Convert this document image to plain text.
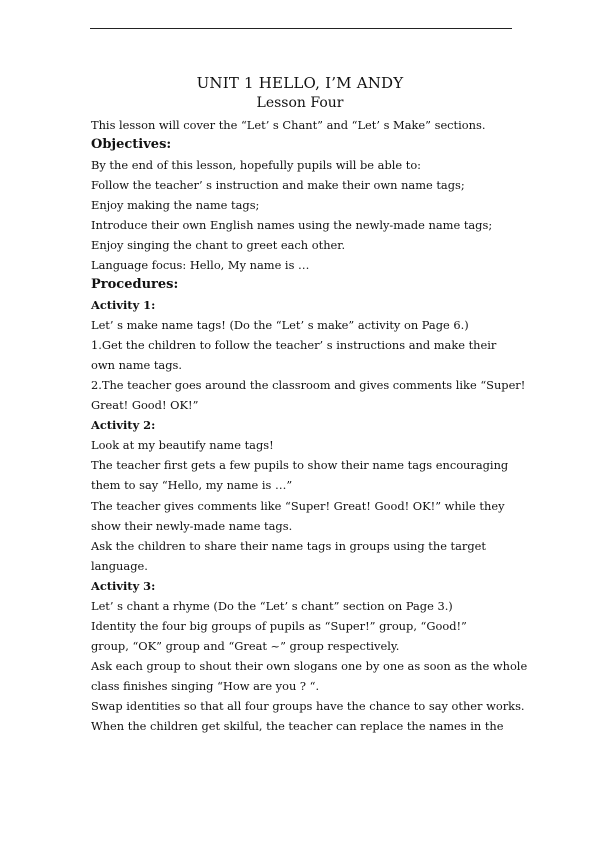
UNIT 1 HELLO, I’M ANDY
Lesson Four
This lesson will cover the “Let’ s Chant” and “Let’ s Make” sections.
Objectives:
By the end of this lesson, hopefully pupils will be able to:
Follow the teacher’ s instruction and make their own name tags;
Enjoy making the name tags;
Introduce their own English names using the newly-made name tags;
Enjoy singing the chant to greet each other.
Language focus: Hello, My name is …
Procedures:
Activity 1:
Let’ s make name tags! (Do the “Let’ s make” activity on Page 6.)
1.Get the children to follow the teacher’ s instructions and make their
own name tags.
2.The teacher goes around the classroom and gives comments like “Super!
Great! Good! OK!”
Activity 2:
Look at my beautify name tags!
The teacher first gets a few pupils to show their name tags encouraging
them to say “Hello, my name is …”
The teacher gives comments like “Super! Great! Good! OK!” while they
show their newly-made name tags.
Ask the children to share their name tags in groups using the target
language.
Activity 3:
Let’ s chant a rhyme (Do the “Let’ s chant” section on Page 3.)
Identity the four big groups of pupils as “Super!” group, “Good!”
group, “OK” group and “Great ~” group respectively.
Ask each group to shout their own slogans one by one as soon as the whole
class finishes singing “How are you ? “.
Swap identities so that all four groups have the chance to say other works.
When the children get skilful, the teacher can replace the names in the
